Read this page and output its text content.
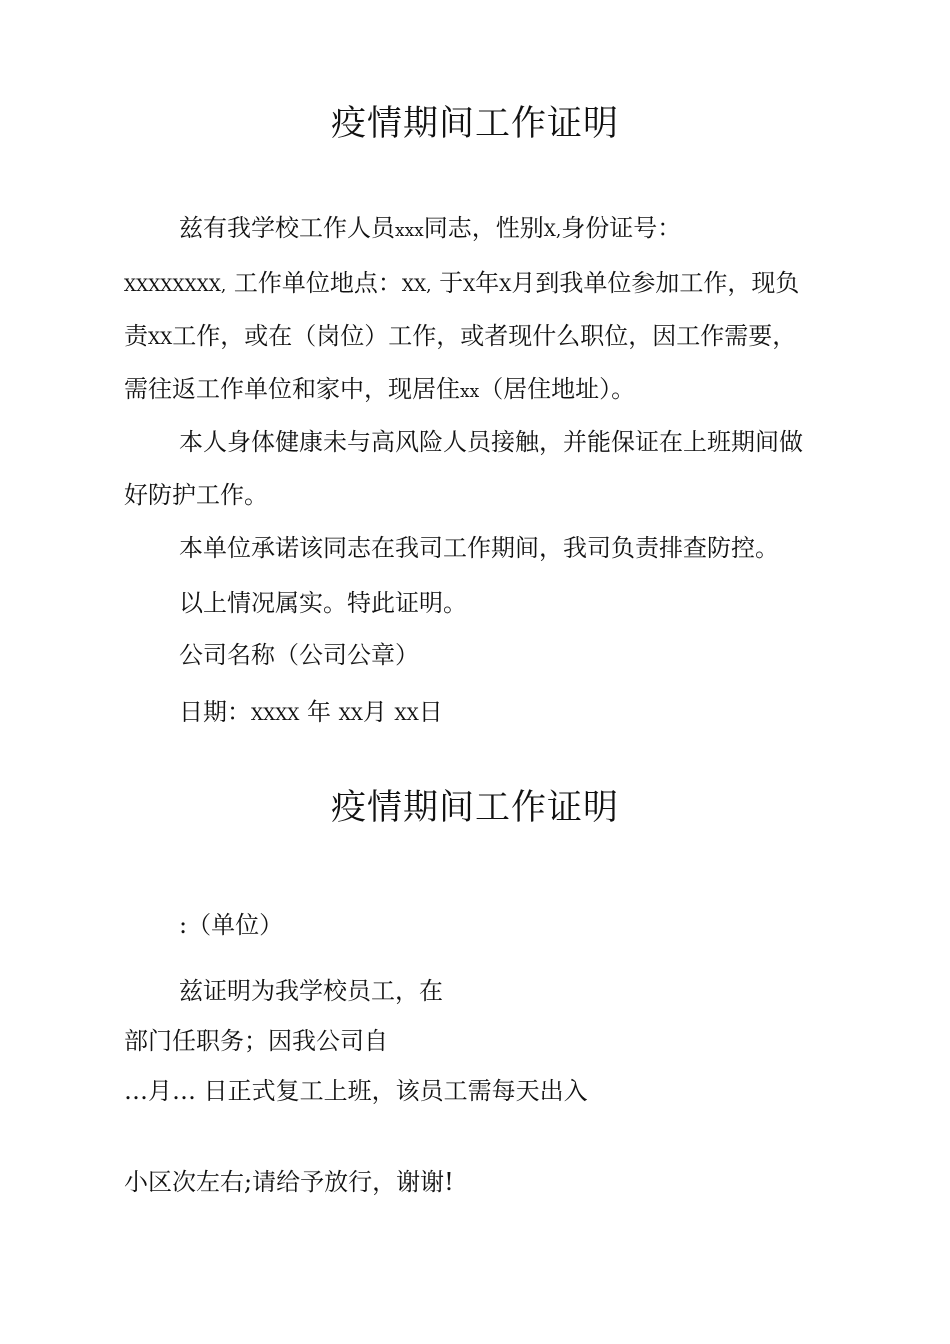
疫情期间工作证明

兹有我学校工作人员xxx同志，性别X,身份证号：

XXXXXXXX, 工作单位地点：XX, 于X年X月到我单位参加工作，现负

责XX工作，或在（岗位）工作，或者现什么职位，因工作需要，

需往返工作单位和家中，现居住xx（居住地址）。

本人身体健康未与高风险人员接触，并能保证在上班期间做

好防护工作。

本单位承诺该同志在我司工作期间，我司负责排查防控。

以上情况属实。特此证明。

公司名称（公司公章）

日期：XXXX 年 XX月 XX日

疫情期间工作证明

:（单位）

兹证明为我学校员工，在

部门任职务；因我公司自

…月… 日正式复工上班，该员工需每天出入

小区次左右;请给予放行，谢谢!
